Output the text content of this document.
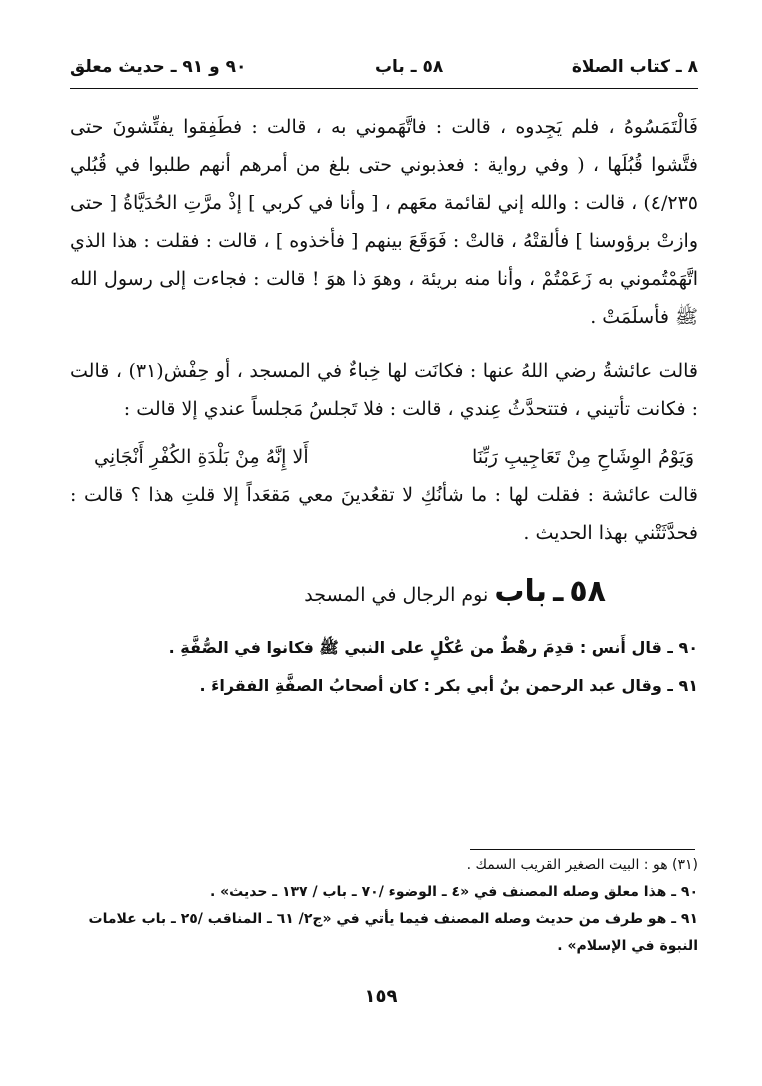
٨ ـ كتاب الصلاة
٥٨ ـ باب
٩٠ و ٩١ ـ حديث معلق

فَالْتَمَسُوهُ ، فلم يَجِدوه ، قالت : فاتَّهَموني به ، قالت : فطَفِقوا يفتِّشونَ حتى فتَّشوا قُبُلَها ، ( وفي رواية : فعذبوني حتى بلغ من أمرهم أنهم طلبوا في قُبُلي ٤/٢٣٥) ، قالت : والله إني لقائمة معَهم ، [ وأنا في كربي ] إذْ مرَّتِ الحُدَيَّاةُ [ حتى وازتْ برؤوسنا ] فألقتْهُ ، قالتْ : فَوَقَعَ بينهم [ فأخذوه ] ، قالت : فقلت : هذا الذي اتَّهَمْتُموني به زَعَمْتُمْ ، وأنا منه بريئة ، وهوَ ذا هوَ ! قالت : فجاءت إلى رسول الله ﷺ فأسلَمَتْ .

قالت عائشةُ رضي اللهُ عنها : فكانَت لها خِباءٌ في المسجد ، أو حِفْش(٣١) ، قالت : فكانت تأتيني ، فتتحدَّثُ عِندي ، قالت : فلا تَجلسُ مَجلساً عندي إلا قالت :

وَيَوْمُ الوِشَاحِ مِنْ تَعَاجِيبِ رَبِّنَا
أَلا إِنَّهُ مِنْ بَلْدَةِ الكُفْرِ أَنْجَانِي

قالت عائشة : فقلت لها : ما شأنُكِ لا تقعُدينَ معي مَقعَداً إلا قلتِ هذا ؟ قالت : فحدَّثَتْني بهذا الحديث .

٥٨ ـ باب نوم الرجال في المسجد

٩٠ ـ قال أَنس : قدِمَ رهْطٌ من عُكْلٍ على النبي ﷺ فكانوا في الصُّفَّةِ .

٩١ ـ وقال عبد الرحمن بنُ أبي بكر : كان أصحابُ الصفَّةِ الفقراءَ .

(٣١) هو : البيت الصغير القريب السمك .

٩٠ ـ هذا معلق وصله المصنف في «٤ ـ الوضوء /٧٠ ـ باب / ١٣٧ ـ حديث» .

٩١ ـ هو طرف من حديث وصله المصنف فيما يأتي في «ج٢/ ٦١ ـ المناقب /٢٥ ـ باب علامات النبوة في الإسلام» .

١٥٩
